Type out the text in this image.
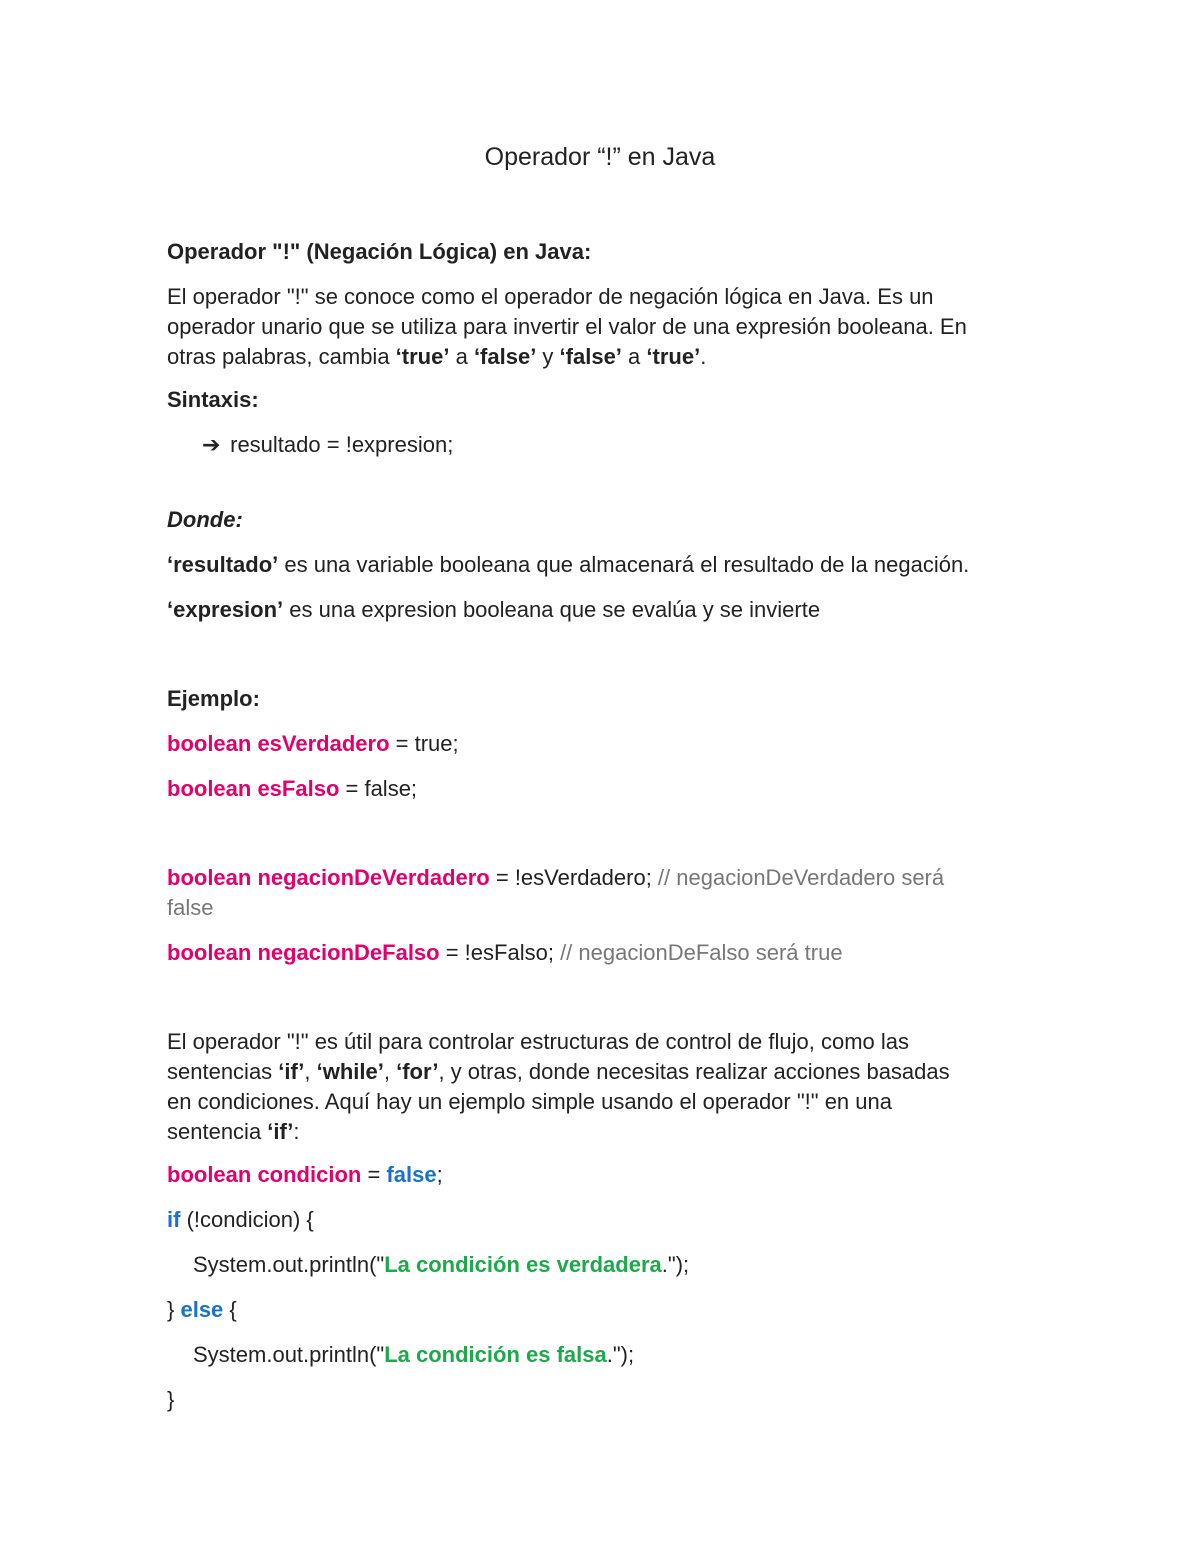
Operador “!” en Java
Operador "!" (Negación Lógica) en Java:
El operador "!" se conoce como el operador de negación lógica en Java. Es un
operador unario que se utiliza para invertir el valor de una expresión booleana. En
otras palabras, cambia ‘true’ a ‘false’ y ‘false’ a ‘true’.
Sintaxis:
➔ resultado = !expresion;
Donde:
‘resultado’ es una variable booleana que almacenará el resultado de la negación.
‘expresion’ es una expresion booleana que se evalúa y se invierte
Ejemplo:
boolean esVerdadero = true;
boolean esFalso = false;
boolean negacionDeVerdadero = !esVerdadero; // negacionDeVerdadero será
false
boolean negacionDeFalso = !esFalso; // negacionDeFalso será true
El operador "!" es útil para controlar estructuras de control de flujo, como las
sentencias ‘if’, ‘while’, ‘for’, y otras, donde necesitas realizar acciones basadas
en condiciones. Aquí hay un ejemplo simple usando el operador "!" en una
sentencia ‘if’:
boolean condicion = false;
if (!condicion) {
System.out.println("La condición es verdadera.");
} else {
System.out.println("La condición es falsa.");
}
